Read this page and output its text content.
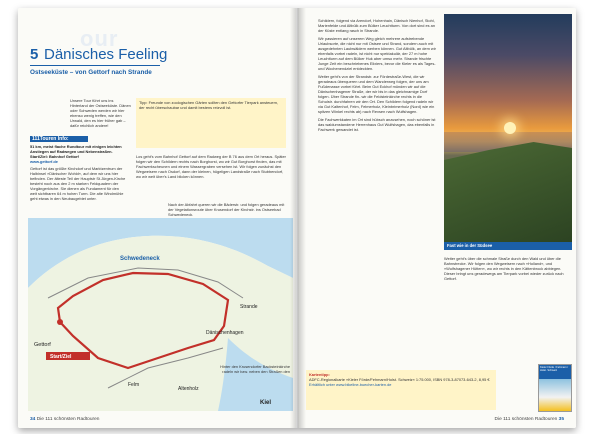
our
5 Dänisches Feeling
Ostseeküste – von Gettorf nach Strande
Unsere Tour führt uns ins Hinterland der Ostseeküste. Dänen oder Schweden werden wir hier ebenso wenig treffen, wie den Urwald, den es hier früher gab – dafür reichlich andere!
Tipp: Freunde von zoologischen Gärten sollten den Gettorfer Tierpark ansteuern, der recht überschaubar und damit bestens reizvoll ist.
111Touren Info:
51 km, meist flache Rundtour mit einigen leichten Anstiegen auf Radwegen und Nebenstraßen.
Start/Ziel: Bahnhof Gettorf
www.gettorf.de
Gettorf ist das größte Kirchdorf und Marktzentrum der Halbinsel »Dänischer Wohld«, auf dem wir uns hier befinden. Der älteste Teil der Hauptstr St.Jürgen-Kirche besteht noch aus den 2 m starken Feldquadern der Vorgängerkirche. Sie dienen als Fundament für den weit sichtbaren 64 m hohen Turm. Die alte Windmühle geht etwas in den Neubaugebiet unter.
Los geht's vom Bahnhof Gettorf auf dem Radweg der B 76 aus dem Ort heraus. Später folgen wir den Schildern rechts nach Borghorst, wo wir Gut Borghorst finden, das mit Fachwerkscheunen und einem Wassergraben versehen ist. Wir folgen zunächst den Wegweisern nach Osdorf, dann der kleinen, hügeligen Landstraße nach Stubbendorf, wo wir weit über's Land blicken können.
Nach der Abfahrt queren wir die Bäderstr. und folgen geradeaus mit der Vegetationsroute über Krusendorf der Kirchstr. ins Ostseebad Schwedeneck.
Start/Ziel
Schwedeneck
Gettorf
Felm
Altenholz
Dänischenhagen
Strande
Kiel
Hinter den Krusendorfer Backsteinkirche radeln wir bzw. neben den Straßen den
34 Die 111 schönsten Radtouren
Schildern, folgend via Arendorf, Hohenhain, Dänisch Nienhof, Stohl, Marienfelde und Altbülk zum Bülker Leuchtturm. Von dort sind es an der Küste entlang rasch in Strande.
Wir passieren auf unserem Weg gleich mehrere aufstrebende Urlaubsorte, die nicht nur mit Ostsee und Strand, sondern auch mit ausgedehnten Laubwäldern werben können. Gut Altbülk, an dem wir ebenfalls vorbei radeln, ist nicht nur spektakulär, der 27 m hohe Leuchtturm auf dem Bülker Huk aber umso mehr. Strande frischte Junge Zeit ein beschriebenes Elixiers, bevor die Kieler es als Tages- und Wochenendziel entdeckten.
Weiter geht's von der Strandstr. zur Fördestraße-West, die wir geradeaus überqueren und dem Wanderweg folgen, der uns am Fußdenasse vorbei führt. Beim Gut Eckhof münden wir auf die Dänischenhagener Straße, der wir bis in das gleichnamige Dorf folgen. Über Strande fin- wir die Feldsteinkirche rechts in die Schulstr. durchfahren wir den Ort. Den Schildern folgend radeln wir via Gut Kaltenhof, Felm, Felmerholz, Kleinbrimerholz (Nord) wie ein spitzen Winkel rechts ab) nach Rexsen nach Wulfshagen.
Die Fachwerkkaten im Ort sind hübsch anzusehen, noch schöner ist das waldumstandene Herrenhaus Gut Wulfshagen, das ebenfalls in Fachwerk gewandet ist.
Fast wie in der Südsee
Weiter geht's über die schmale Straße durch den Wald und über die Bahnstrecke. Wir folgen den Wegweisern nach »Holland«, und »Wulfshagener Hütten«, wo wir rechts in den Kättenbrock abbiegen. Dieser bringt uns geradewegs am Tierpark vorbei wieder zurück nach Gettorf.
Kartentipp:
ADFC-Regionalkarte »Kieler Förde/Fehmarn/Holst. Schweiz« 1:75.000, ISBN 978-3-87073-643-2, 8,95 €
Erhältlich unter www.bikeline-buecher-karten.de
Kieler Förde / Fehmarn / Holst. Schweiz
Die 111 schönsten Radtouren 35
